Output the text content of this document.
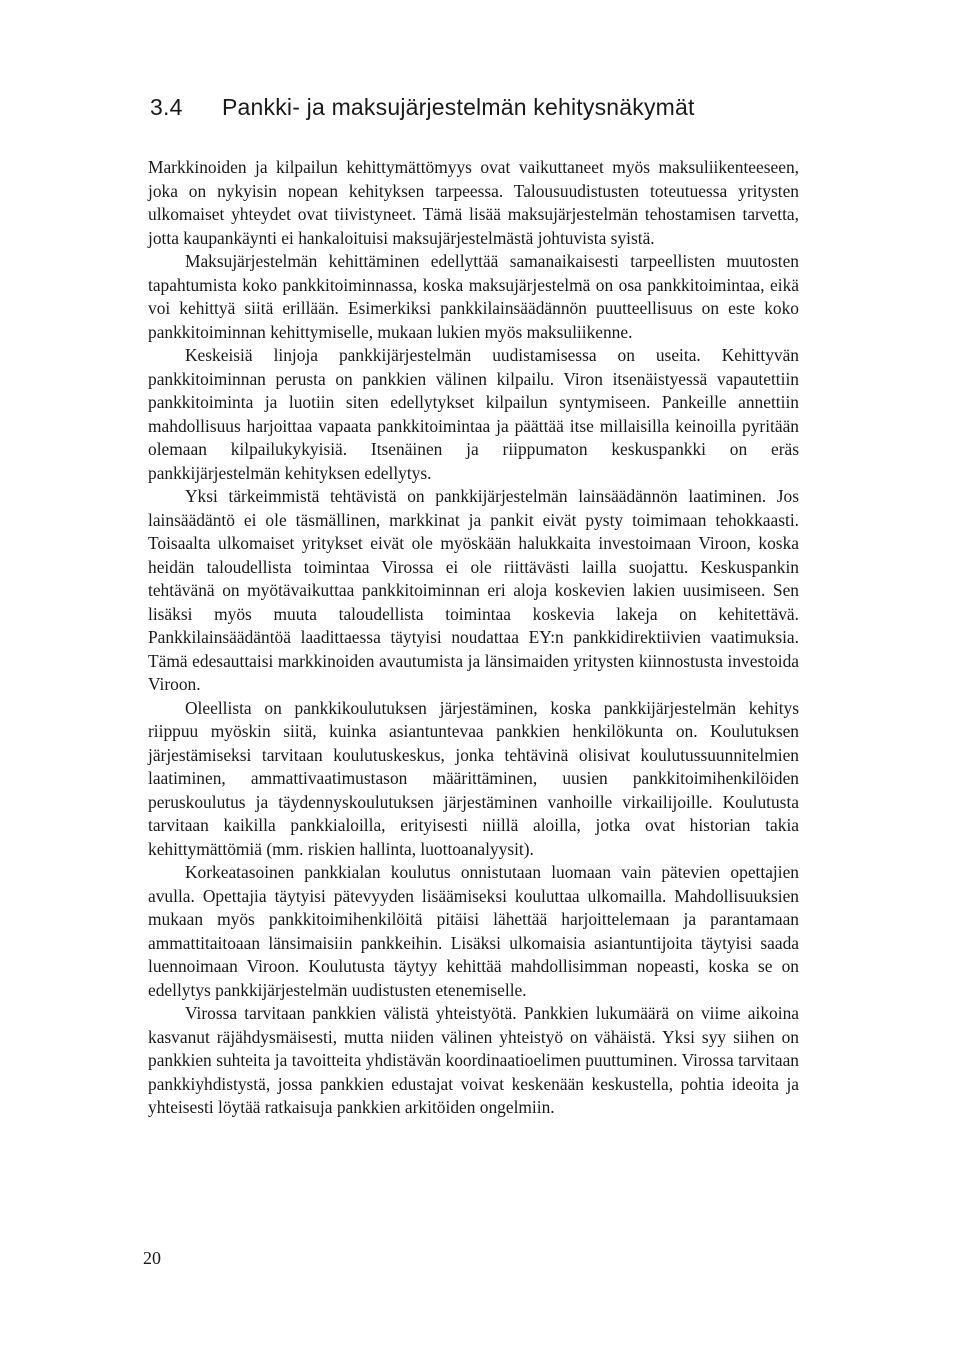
3.4 Pankki- ja maksujärjestelmän kehitysnäkymät

Markkinoiden ja kilpailun kehittymättömyys ovat vaikuttaneet myös maksuliikenteeseen, joka on nykyisin nopean kehityksen tarpeessa. Talousuudistusten toteutuessa yritysten ulkomaiset yhteydet ovat tiivistyneet. Tämä lisää maksujärjestelmän tehostamisen tarvetta, jotta kaupankäynti ei hankaloituisi maksujärjestelmästä johtuvista syistä.

Maksujärjestelmän kehittäminen edellyttää samanaikaisesti tarpeellisten muutosten tapahtumista koko pankkitoiminnassa, koska maksujärjestelmä on osa pankkitoimintaa, eikä voi kehittyä siitä erillään. Esimerkiksi pankkilainsäädännön puutteellisuus on este koko pankkitoiminnan kehittymiselle, mukaan lukien myös maksuliikenne.

Keskeisiä linjoja pankkijärjestelmän uudistamisessa on useita. Kehittyvän pankkitoiminnan perusta on pankkien välinen kilpailu. Viron itsenäistyessä vapautettiin pankkitoiminta ja luotiin siten edellytykset kilpailun syntymiseen. Pankeille annettiin mahdollisuus harjoittaa vapaata pankkitoimintaa ja päättää itse millaisilla keinoilla pyritään olemaan kilpailukykyisiä. Itsenäinen ja riippumaton keskuspankki on eräs pankkijärjestelmän kehityksen edellytys.

Yksi tärkeimmistä tehtävistä on pankkijärjestelmän lainsäädännön laatiminen. Jos lainsäädäntö ei ole täsmällinen, markkinat ja pankit eivät pysty toimimaan tehokkaasti. Toisaalta ulkomaiset yritykset eivät ole myöskään halukkaita investoimaan Viroon, koska heidän taloudellista toimintaa Virossa ei ole riittävästi lailla suojattu. Keskuspankin tehtävänä on myötävaikuttaa pankkitoiminnan eri aloja koskevien lakien uusimiseen. Sen lisäksi myös muuta taloudellista toimintaa koskevia lakeja on kehitettävä. Pankkilainsäädäntöä laadittaessa täytyisi noudattaa EY:n pankkidirektiivien vaatimuksia. Tämä edesauttaisi markkinoiden avautumista ja länsimaiden yritysten kiinnostusta investoida Viroon.

Oleellista on pankkikoulutuksen järjestäminen, koska pankkijärjestelmän kehitys riippuu myöskin siitä, kuinka asiantuntevaa pankkien henkilökunta on. Koulutuksen järjestämiseksi tarvitaan koulutuskeskus, jonka tehtävinä olisivat koulutussuunnitelmien laatiminen, ammattivaatimustason määrittäminen, uusien pankkitoimihenkilöiden peruskoulutus ja täydennyskoulutuksen järjestäminen vanhoille virkailijoille. Koulutusta tarvitaan kaikilla pankkialoilla, erityisesti niillä aloilla, jotka ovat historian takia kehittymättömiä (mm. riskien hallinta, luottoanalyysit).

Korkeatasoinen pankkialan koulutus onnistutaan luomaan vain pätevien opettajien avulla. Opettajia täytyisi pätevyyden lisäämiseksi kouluttaa ulkomailla. Mahdollisuuksien mukaan myös pankkitoimihenkilöitä pitäisi lähettää harjoittelemaan ja parantamaan ammattitaitoaan länsimaisiin pankkeihin. Lisäksi ulkomaisia asiantuntijoita täytyisi saada luennoimaan Viroon. Koulutusta täytyy kehittää mahdollisimman nopeasti, koska se on edellytys pankkijärjestelmän uudistusten etenemiselle.

Virossa tarvitaan pankkien välistä yhteistyötä. Pankkien lukumäärä on viime aikoina kasvanut räjähdysmäisesti, mutta niiden välinen yhteistyö on vähäistä. Yksi syy siihen on pankkien suhteita ja tavoitteita yhdistävän koordinaatioelimen puuttuminen. Virossa tarvitaan pankkiyhdistystä, jossa pankkien edustajat voivat keskenään keskustella, pohtia ideoita ja yhteisesti löytää ratkaisuja pankkien arkitöiden ongelmiin.

20
